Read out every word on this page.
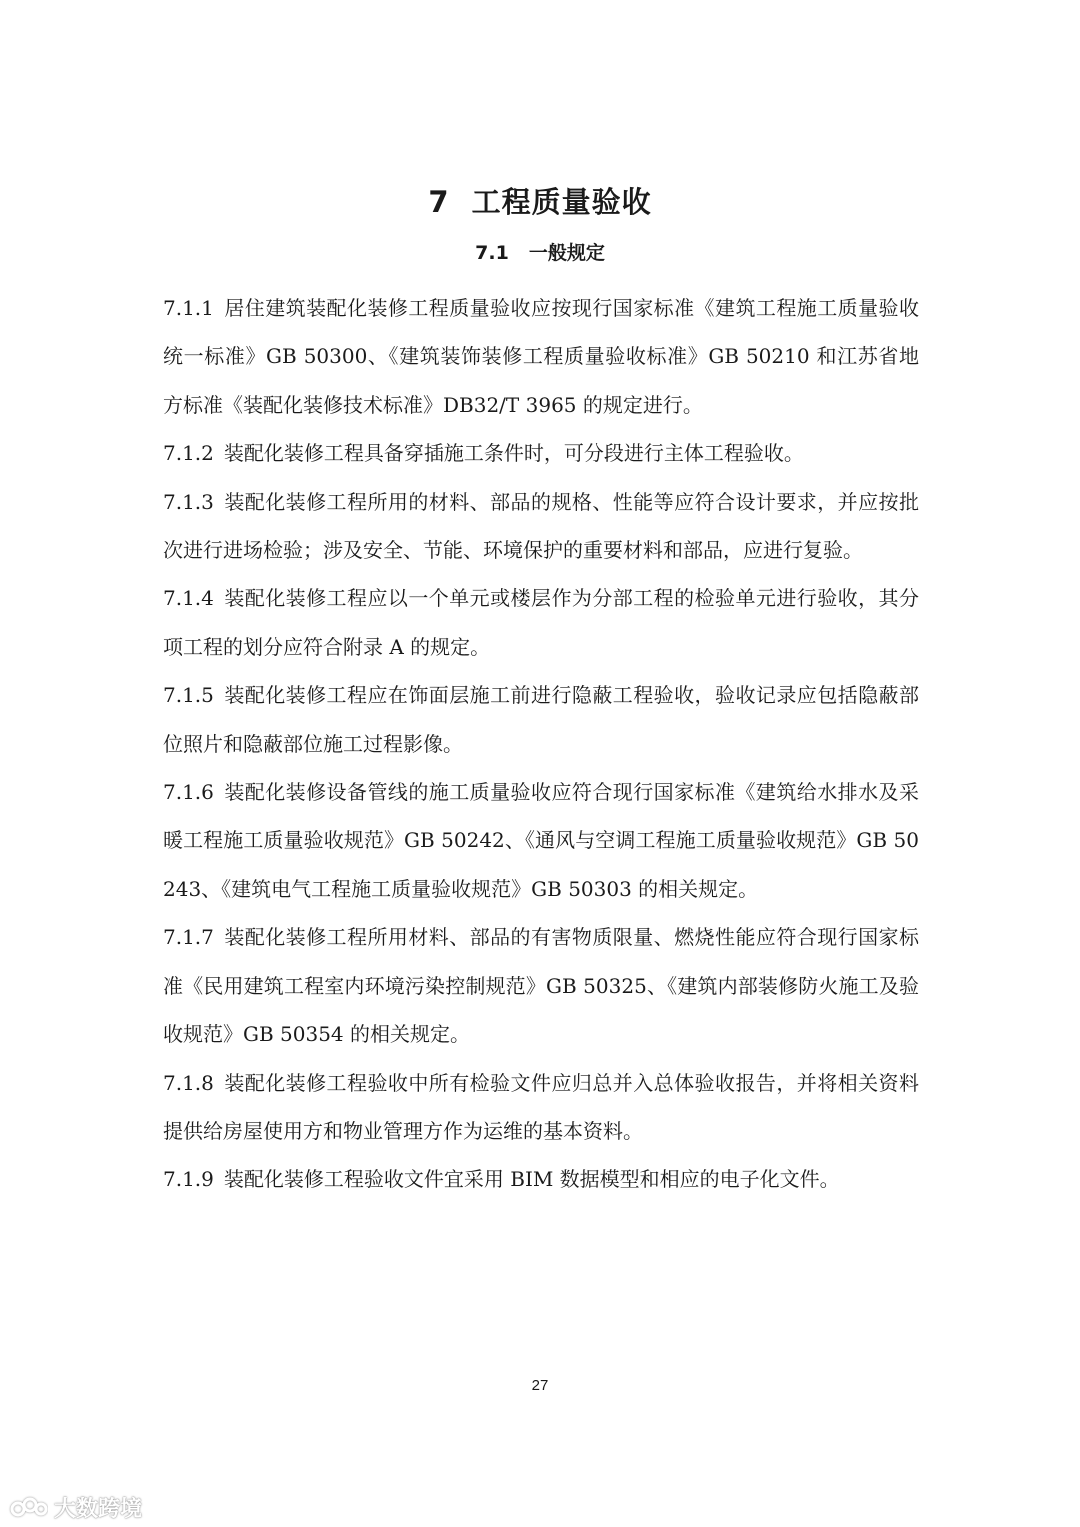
7 工程质量验收
7.1 一般规定
7.1.1 居住建筑装配化装修工程质量验收应按现行国家标准《建筑工程施工质量验收统一标准》GB 50300、《建筑装饰装修工程质量验收标准》GB 50210 和江苏省地方标准《装配化装修技术标准》DB32/T 3965 的规定进行。
7.1.2 装配化装修工程具备穿插施工条件时，可分段进行主体工程验收。
7.1.3 装配化装修工程所用的材料、部品的规格、性能等应符合设计要求，并应按批次进行进场检验；涉及安全、节能、环境保护的重要材料和部品，应进行复验。
7.1.4 装配化装修工程应以一个单元或楼层作为分部工程的检验单元进行验收，其分项工程的划分应符合附录 A 的规定。
7.1.5 装配化装修工程应在饰面层施工前进行隐蔽工程验收，验收记录应包括隐蔽部位照片和隐蔽部位施工过程影像。
7.1.6 装配化装修设备管线的施工质量验收应符合现行国家标准《建筑给水排水及采暖工程施工质量验收规范》GB 50242、《通风与空调工程施工质量验收规范》GB 50243、《建筑电气工程施工质量验收规范》GB 50303 的相关规定。
7.1.7 装配化装修工程所用材料、部品的有害物质限量、燃烧性能应符合现行国家标准《民用建筑工程室内环境污染控制规范》GB 50325、《建筑内部装修防火施工及验收规范》GB 50354 的相关规定。
7.1.8 装配化装修工程验收中所有检验文件应归总并入总体验收报告，并将相关资料提供给房屋使用方和物业管理方作为运维的基本资料。
7.1.9 装配化装修工程验收文件宜采用 BIM 数据模型和相应的电子化文件。
27
大数跨境
